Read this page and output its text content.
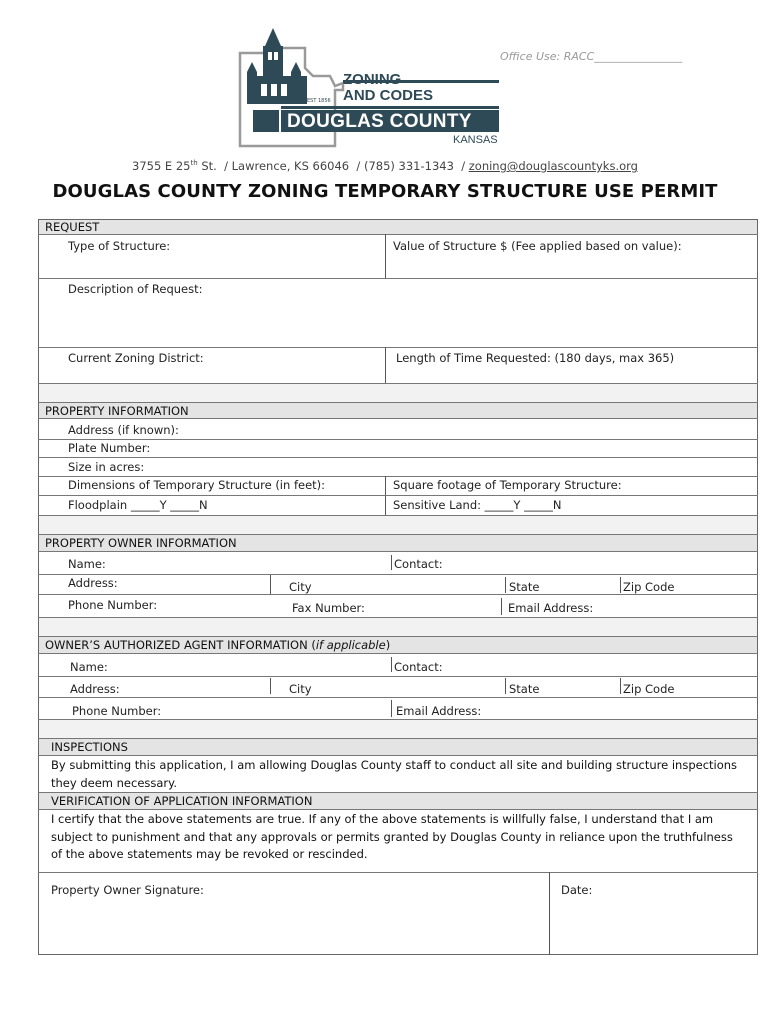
Office Use: RACC________________
ZONING
AND CODES
EST 1856
DOUGLAS COUNTY
KANSAS
3755 E 25th St.  / Lawrence, KS 66046  / (785) 331-1343  / zoning@douglascountyks.org
DOUGLAS COUNTY ZONING TEMPORARY STRUCTURE USE PERMIT
REQUEST
Type of Structure:	Value of Structure $ (Fee applied based on value):
Description of Request:
Current Zoning District:	Length of Time Requested: (180 days, max 365)
PROPERTY INFORMATION
Address (if known):
Plate Number:
Size in acres:
Dimensions of Temporary Structure (in feet):	Square footage of Temporary Structure:
Floodplain _____Y _____N	Sensitive Land: _____Y _____N
PROPERTY OWNER INFORMATION
Name:	Contact:
Address:	City	State	Zip Code
Phone Number:	Fax Number:	Email Address:
OWNER’S AUTHORIZED AGENT INFORMATION (if applicable)
Name:	Contact:
Address:	City	State	Zip Code
Phone Number:	Email Address:
INSPECTIONS
By submitting this application, I am allowing Douglas County staff to conduct all site and building structure inspections they deem necessary.
VERIFICATION OF APPLICATION INFORMATION
I certify that the above statements are true. If any of the above statements is willfully false, I understand that I am subject to punishment and that any approvals or permits granted by Douglas County in reliance upon the truthfulness of the above statements may be revoked or rescinded.
Property Owner Signature:	Date:
